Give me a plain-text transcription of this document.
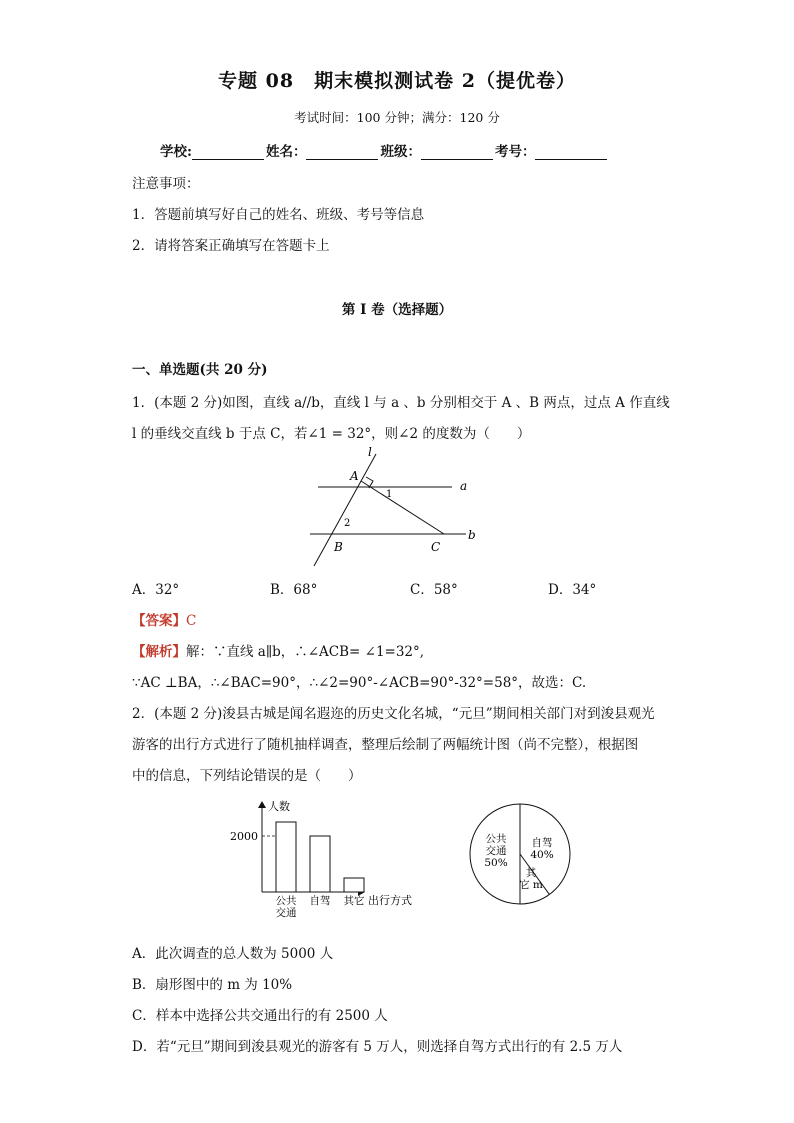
专题 08　期末模拟测试卷 2（提优卷）
考试时间：100 分钟；满分：120 分
学校:	姓名：	班级：	考号：
注意事项：
1．答题前填写好自己的姓名、班级、考号等信息
2．请将答案正确填写在答题卡上
第 I 卷（选择题）
一、单选题(共 20 分)
1．(本题 2 分)如图，直线 a//b，直线 l 与 a 、b 分别相交于 A 、B 两点，过点 A 作直线
l 的垂线交直线 b 于点 C，若∠1 = 32°，则∠2 的度数为（　　）
l
A
a
1
2
B	C
b
A．32°	B．68°	C．58°	D．34°
【答案】C
【解析】解：∵直线 a∥b，∴∠ACB= ∠1=32°,
∵AC ⊥BA，∴∠BAC=90°，∴∠2=90°-∠ACB=90°-32°=58°，故选：C.
2．(本题 2 分)浚县古城是闻名遐迩的历史文化名城，“元旦”期间相关部门对到浚县观光
游客的出行方式进行了随机抽样调查，整理后绘制了两幅统计图（尚不完整），根据图
中的信息，下列结论错误的是（　　）
人数
出行方式
公共
交通
自驾 其它
2000	公共
交通
50%
自驾
40%
其
它 m
A．此次调查的总人数为 5000 人
B．扇形图中的 m 为 10%
C．样本中选择公共交通出行的有 2500 人
D．若“元旦”期间到浚县观光的游客有 5 万人，则选择自驾方式出行的有 2.5 万人
